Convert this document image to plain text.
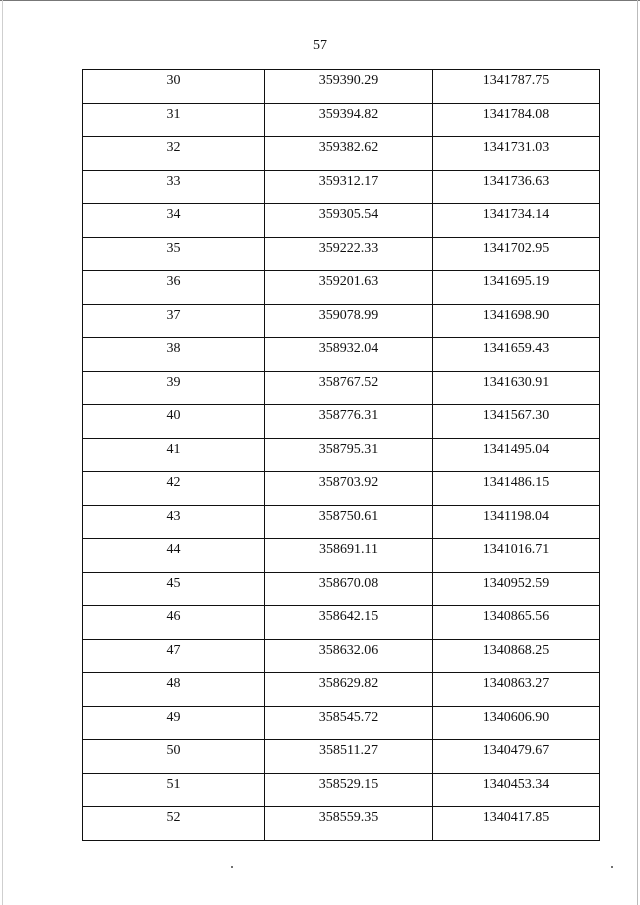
57
30	359390.29	1341787.75
31	359394.82	1341784.08
32	359382.62	1341731.03
33	359312.17	1341736.63
34	359305.54	1341734.14
35	359222.33	1341702.95
36	359201.63	1341695.19
37	359078.99	1341698.90
38	358932.04	1341659.43
39	358767.52	1341630.91
40	358776.31	1341567.30
41	358795.31	1341495.04
42	358703.92	1341486.15
43	358750.61	1341198.04
44	358691.11	1341016.71
45	358670.08	1340952.59
46	358642.15	1340865.56
47	358632.06	1340868.25
48	358629.82	1340863.27
49	358545.72	1340606.90
50	358511.27	1340479.67
51	358529.15	1340453.34
52	358559.35	1340417.85
